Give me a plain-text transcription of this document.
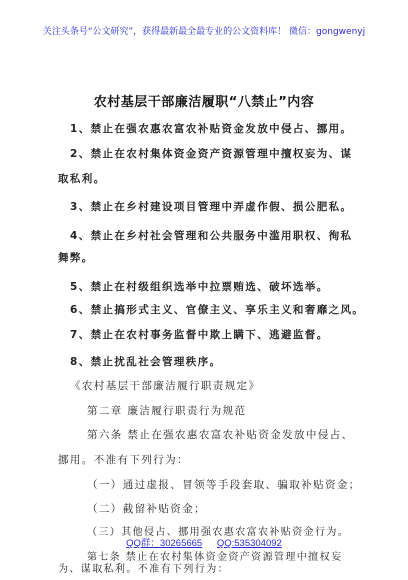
关注头条号“公文研究”，获得最新最全最专业的公文资料库！ 微信：gongwenyj
农村基层干部廉洁履职“八禁止”内容
1、禁止在强农惠农富农补贴资金发放中侵占、挪用。
2、禁止在农村集体资金资产资源管理中擅权妄为、谋
取私利。
3、禁止在乡村建设项目管理中弄虚作假、损公肥私。
4、禁止在乡村社会管理和公共服务中滥用职权、徇私
舞弊。
5、禁止在村级组织选举中拉票贿选、破坏选举。
6、禁止搞形式主义、官僚主义、享乐主义和奢靡之风。
7、禁止在农村事务监督中欺上瞒下、逃避监督。
8、禁止扰乱社会管理秩序。
《农村基层干部廉洁履行职责规定》
第二章 廉洁履行职责行为规范
第六条 禁止在强农惠农富农补贴资金发放中侵占、
挪用。不准有下列行为：
（一）通过虚报、冒领等手段套取、骗取补贴资金；
（二）截留补贴资金；
（三）其他侵占、挪用强农惠农富农补贴资金行为。
第七条 禁止在农村集体资金资产资源管理中擅权妄
为、谋取私利。不准有下列行为：
QQ群：30265665 QQ:535304092
